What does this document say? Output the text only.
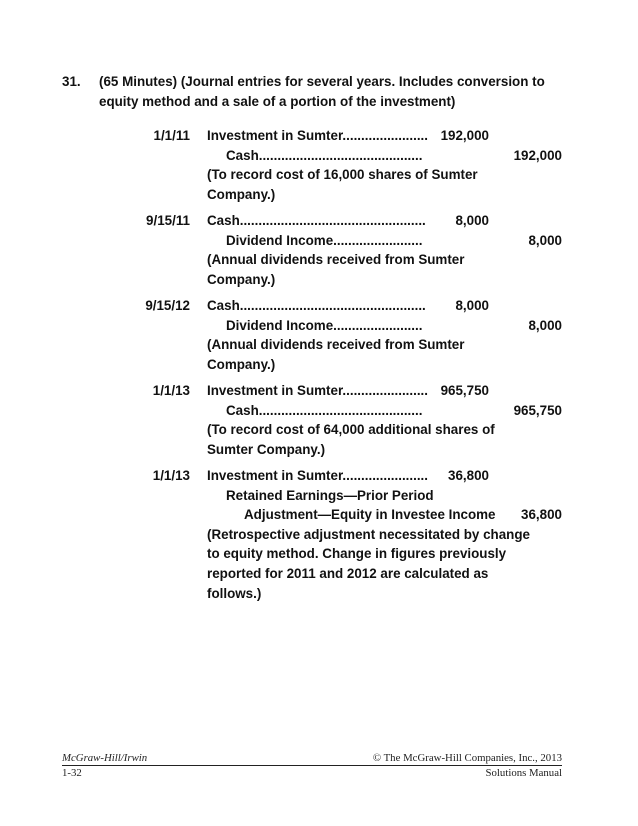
31. (65 Minutes) (Journal entries for several years. Includes conversion to
equity method and a sale of a portion of the investment)
1/1/11 Investment in Sumter....................... 192,000
Cash............................................	192,000
(To record cost of 16,000 shares of Sumter
Company.)
9/15/11 Cash.................................................. 8,000
Dividend Income........................	8,000
(Annual dividends received from Sumter
Company.)
9/15/12 Cash.................................................. 8,000
Dividend Income........................	8,000
(Annual dividends received from Sumter
Company.)
1/1/13 Investment in Sumter....................... 965,750
Cash............................................	965,750
(To record cost of 64,000 additional shares of
Sumter Company.)
1/1/13 Investment in Sumter....................... 36,800
Retained Earnings—Prior Period
Adjustment—Equity in Investee Income 36,800
(Retrospective adjustment necessitated by change
to equity method. Change in figures previously
reported for 2011 and 2012 are calculated as
follows.)
McGraw-Hill/Irwin	© The McGraw-Hill Companies, Inc., 2013
1-32	Solutions Manual
